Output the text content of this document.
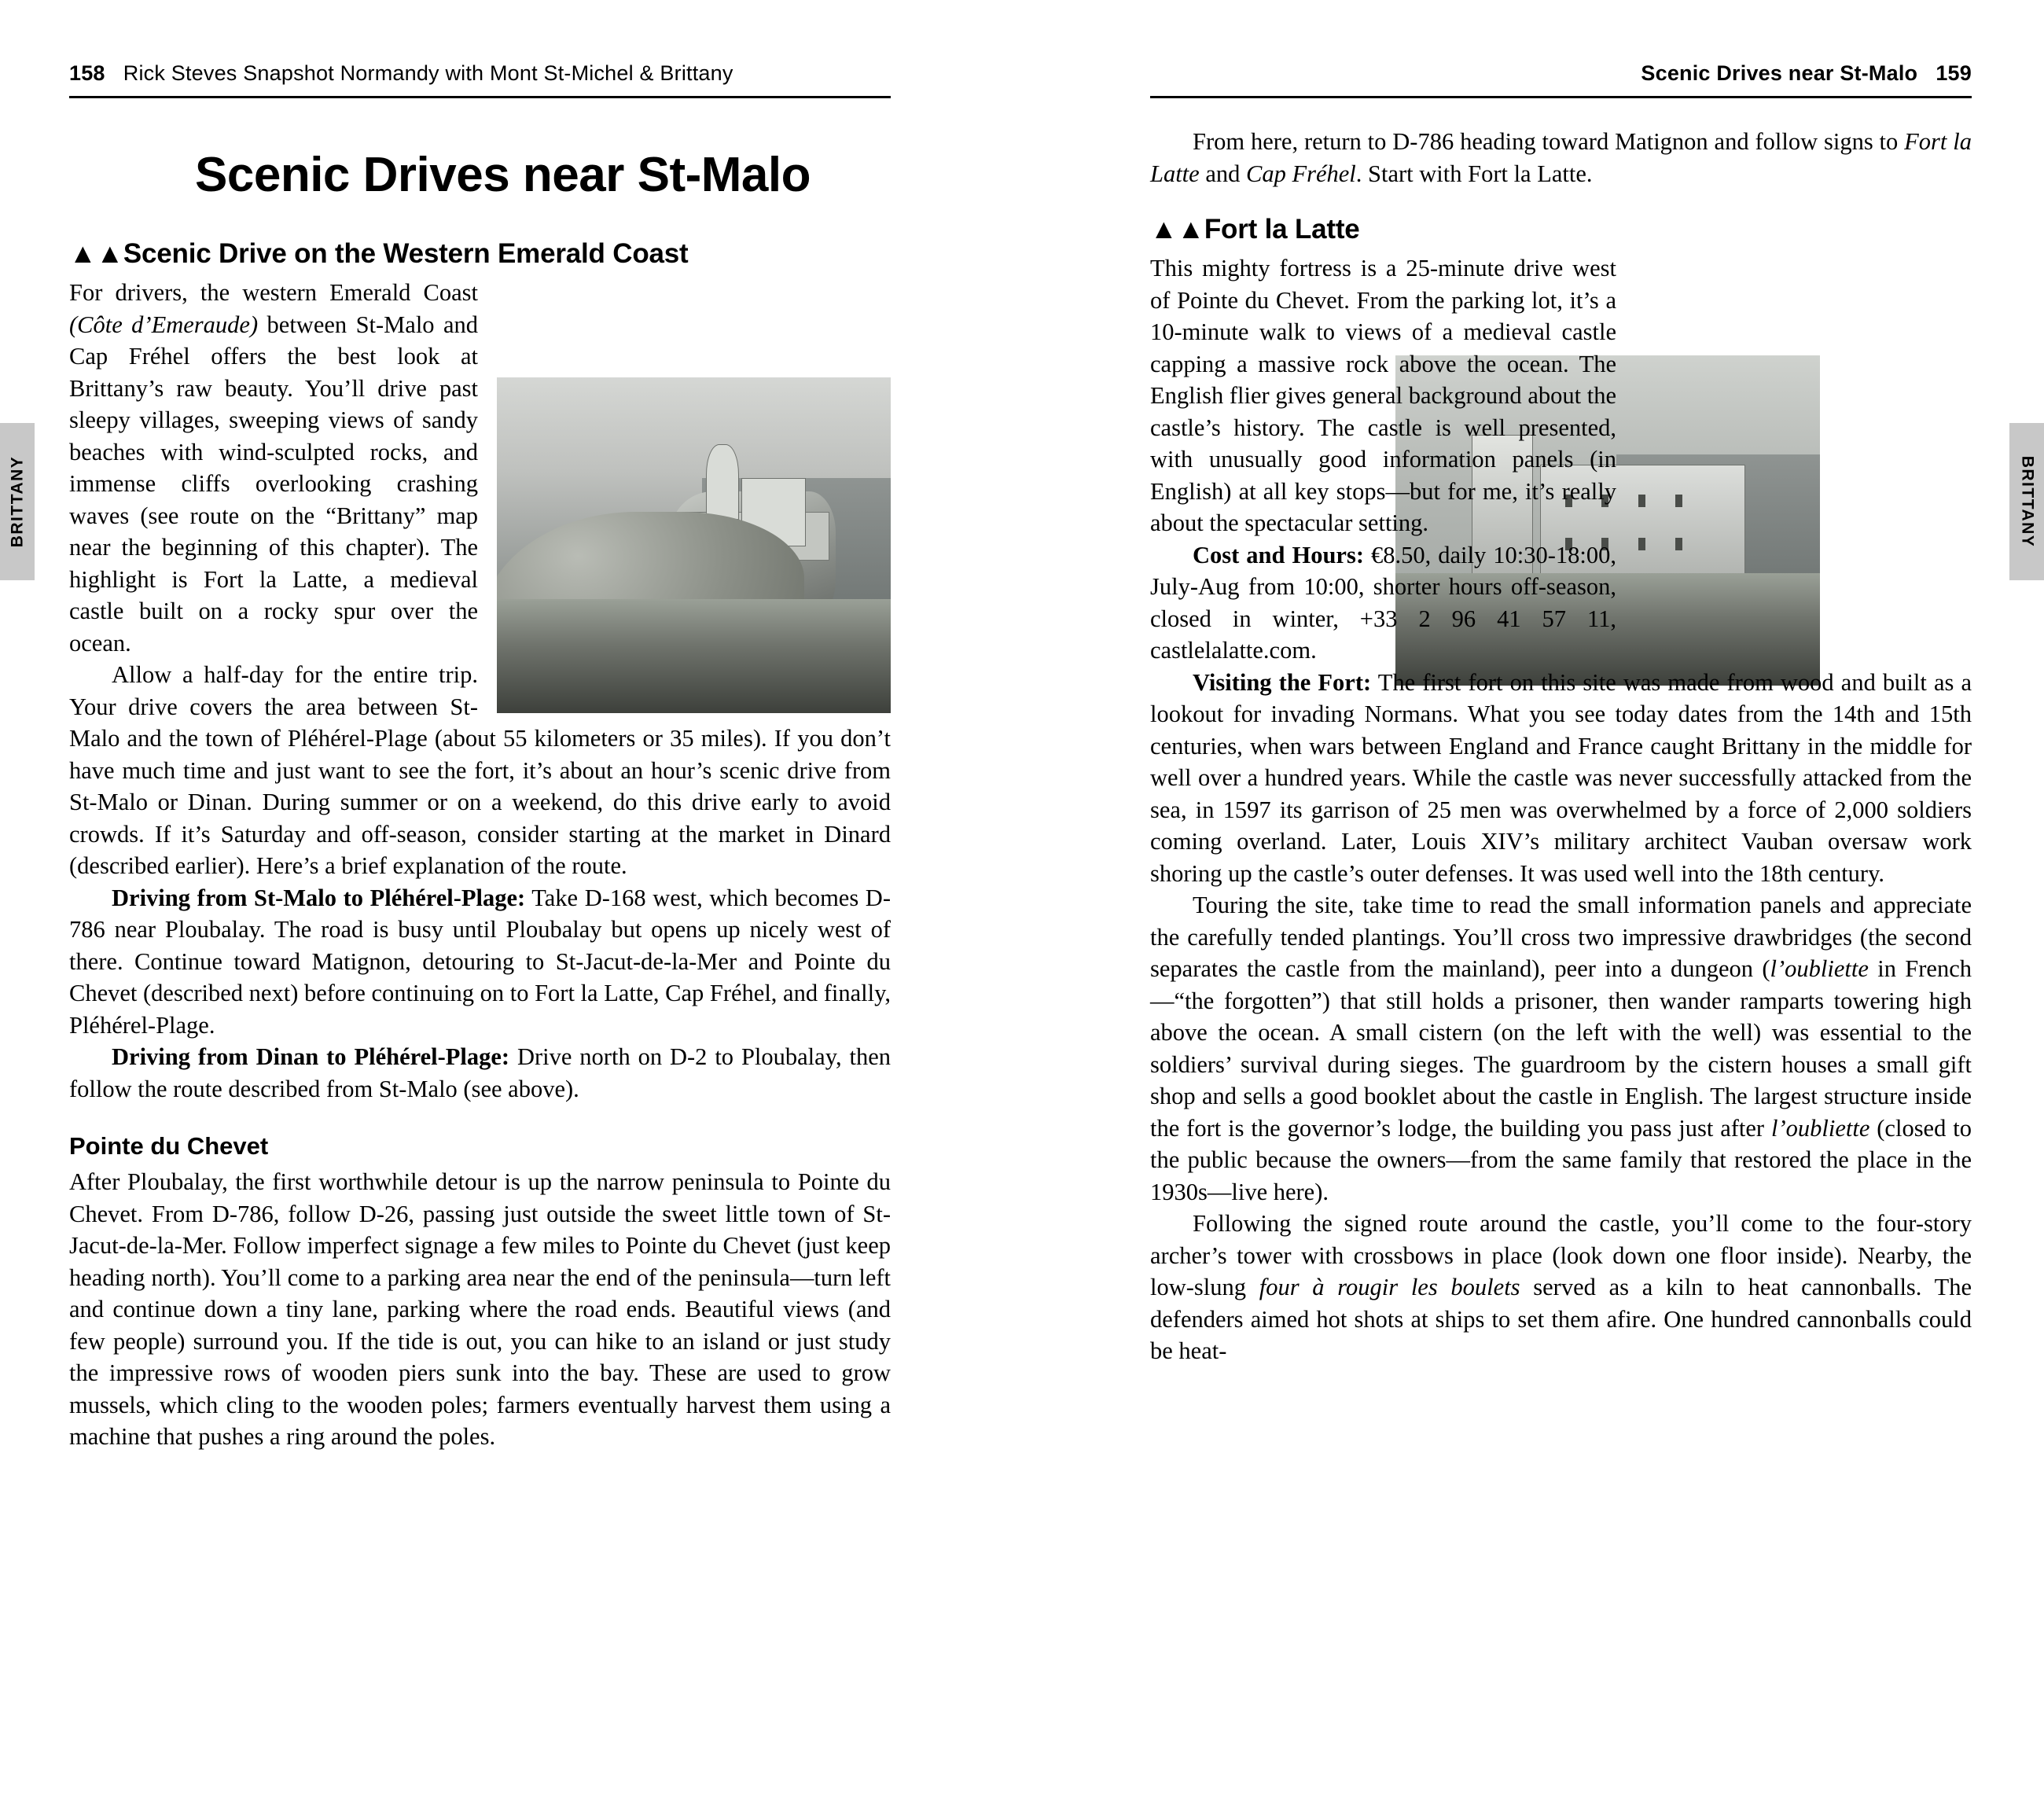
158 Rick Steves Snapshot Normandy with Mont St-Michel & Brittany	Scenic Drives near St-Malo 159
BRITTANY	BRITTANY
Scenic Drives near St-Malo
▲▲Scenic Drive on the Western Emerald Coast

For drivers, the western Emerald Coast (Côte d’Emeraude) between St-Malo and Cap Fréhel offers the best look at Brittany’s raw beauty. You’ll drive past sleepy villages, sweeping views of sandy beaches with wind-sculpted rocks, and immense cliffs overlooking crashing waves (see route on the “Brittany” map near the beginning of this chapter). The highlight is Fort la Latte, a medieval castle built on a rocky spur over the ocean.

Allow a half-day for the entire trip. Your drive covers the area between St-Malo and the town of Pléhérel-Plage (about 55 kilometers or 35 miles). If you don’t have much time and just want to see the fort, it’s about an hour’s scenic drive from St-Malo or Dinan. During summer or on a weekend, do this drive early to avoid crowds. If it’s Saturday and off-season, consider starting at the market in Dinard (described earlier). Here’s a brief explanation of the route.

Driving from St-Malo to Pléhérel-Plage: Take D-168 west, which becomes D-786 near Ploubalay. The road is busy until Ploubalay but opens up nicely west of there. Continue toward Matignon, detouring to St-Jacut-de-la-Mer and Pointe du Chevet (described next) before continuing on to Fort la Latte, Cap Fréhel, and finally, Pléhérel-Plage.

Driving from Dinan to Pléhérel-Plage: Drive north on D-2 to Ploubalay, then follow the route described from St-Malo (see above).

Pointe du Chevet

After Ploubalay, the first worthwhile detour is up the narrow peninsula to Pointe du Chevet. From D-786, follow D-26, passing just outside the sweet little town of St-Jacut-de-la-Mer. Follow imperfect signage a few miles to Pointe du Chevet (just keep heading north). You’ll come to a parking area near the end of the peninsula—turn left and continue down a tiny lane, parking where the road ends. Beautiful views (and few people) surround you. If the tide is out, you can hike to an island or just study the impressive rows of wooden piers sunk into the bay. These are used to grow mussels, which cling to the wooden poles; farmers eventually harvest them using a machine that pushes a ring around the poles.

From here, return to D-786 heading toward Matignon and follow signs to Fort la Latte and Cap Fréhel. Start with Fort la Latte.

▲▲Fort la Latte

This mighty fortress is a 25-minute drive west of Pointe du Chevet. From the parking lot, it’s a 10-minute walk to views of a medieval castle capping a massive rock above the ocean. The English flier gives general background about the castle’s history. The castle is well presented, with unusually good information panels (in English) at all key stops—but for me, it’s really about the spectacular setting.

Cost and Hours: €8.50, daily 10:30-18:00, July-Aug from 10:00, shorter hours off-season, closed in winter, +33 2 96 41 57 11, castlelalatte.com.

Visiting the Fort: The first fort on this site was made from wood and built as a lookout for invading Normans. What you see today dates from the 14th and 15th centuries, when wars between England and France caught Brittany in the middle for well over a hundred years. While the castle was never successfully attacked from the sea, in 1597 its garrison of 25 men was overwhelmed by a force of 2,000 soldiers coming overland. Later, Louis XIV’s military architect Vauban oversaw work shoring up the castle’s outer defenses. It was used well into the 18th century.

Touring the site, take time to read the small information panels and appreciate the carefully tended plantings. You’ll cross two impressive drawbridges (the second separates the castle from the mainland), peer into a dungeon (l’oubliette in French—“the forgotten”) that still holds a prisoner, then wander ramparts towering high above the ocean. A small cistern (on the left with the well) was essential to the soldiers’ survival during sieges. The guardroom by the cistern houses a small gift shop and sells a good booklet about the castle in English. The largest structure inside the fort is the governor’s lodge, the building you pass just after l’oubliette (closed to the public because the owners—from the same family that restored the place in the 1930s—live here).

Following the signed route around the castle, you’ll come to the four-story archer’s tower with crossbows in place (look down one floor inside). Nearby, the low-slung four à rougir les boulets served as a kiln to heat cannonballs. The defenders aimed hot shots at ships to set them afire. One hundred cannonballs could be heat-
